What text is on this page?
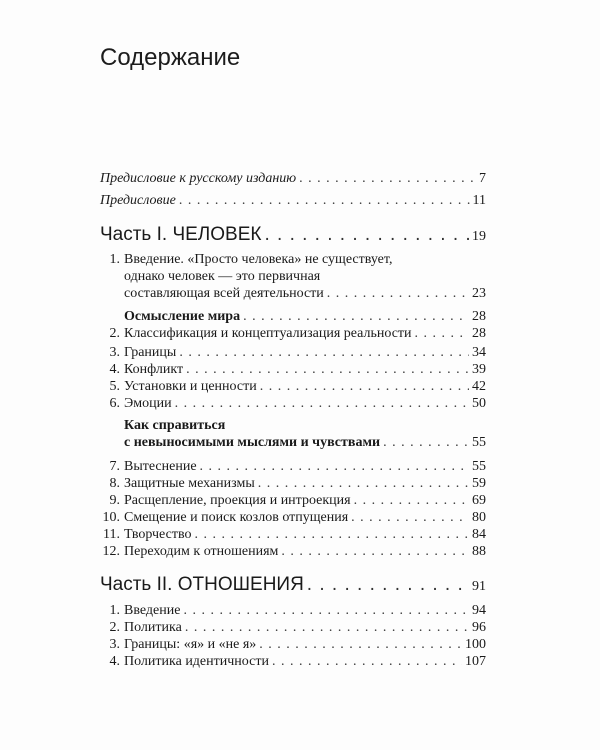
Содержание
Предисловие к русскому изданию . . .	7
Предисловие . . .	11
Часть I. ЧЕЛОВЕК . . .	19
1. Введение. «Просто человека» не существует,
однако человек — это первичная
составляющая всей деятельности . . .	23
Осмысление мира . . .	28
2. Классификация и концептуализация реальности . . .	28
3. Границы . . .	34
4. Конфликт . . .	39
5. Установки и ценности . . .	42
6. Эмоции . . .	50
Как справиться
с невыносимыми мыслями и чувствами . . .	55
7. Вытеснение . . .	55
8. Защитные механизмы . . .	59
9. Расщепление, проекция и интроекция . . .	69
10. Смещение и поиск козлов отпущения . . .	80
11. Творчество . . .	84
12. Переходим к отношениям . . .	88
Часть II. ОТНОШЕНИЯ . . .	91
1. Введение . . .	94
2. Политика . . .	96
3. Границы: «я» и «не я» . . .	100
4. Политика идентичности . . .	107
